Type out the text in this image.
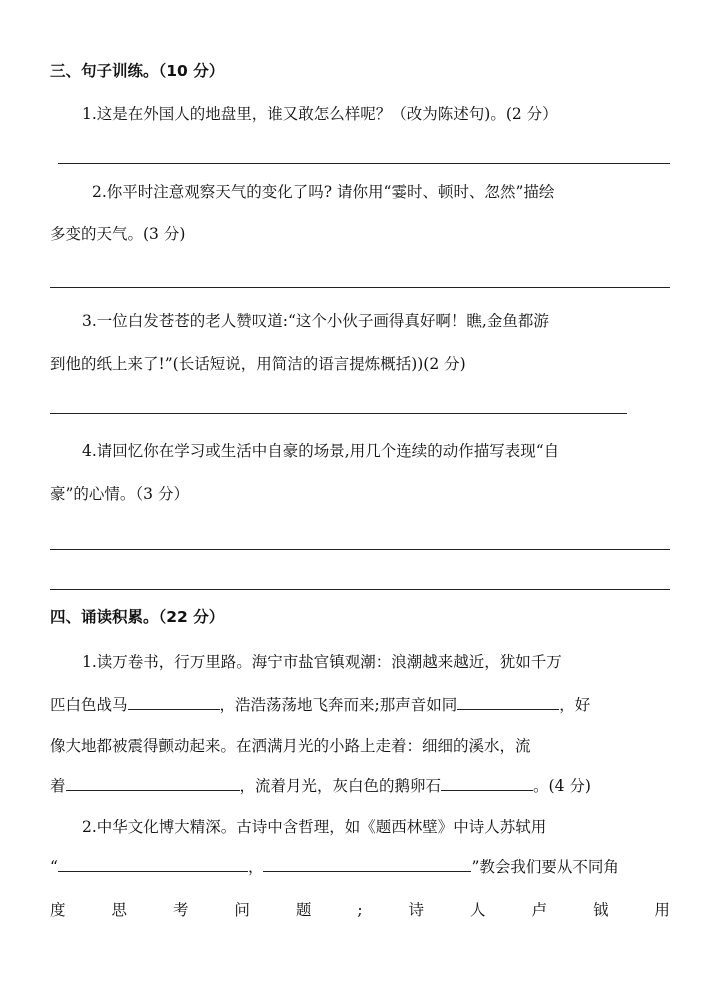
三、句子训练。（10 分）
1.这是在外国人的地盘里，谁又敢怎么样呢？（改为陈述句)。(2 分）
2.你平时注意观察天气的变化了吗? 请你用“霎时、顿时、忽然”描绘
多变的天气。(3 分)
3.一位白发苍苍的老人赞叹道:“这个小伙子画得真好啊！瞧,金鱼都游
到他的纸上来了!”(长话短说，用简洁的语言提炼概括))(2 分)
4.请回忆你在学习或生活中自豪的场景,用几个连续的动作描写表现“自
豪”的心情。（3 分）
四、诵读积累。（22 分）
1.读万卷书，行万里路。海宁市盐官镇观潮：浪潮越来越近，犹如千万
匹白色战马	，浩浩荡荡地飞奔而来;那声音如同	，好
像大地都被震得颤动起来。在洒满月光的小路上走着：细细的溪水，流
着	，流着月光，灰白色的鹅卵石	。(4 分)
2.中华文化博大精深。古诗中含哲理，如《题西林壁》中诗人苏轼用
“	，	”教会我们要从不同角
度	思	考	问	题	;	诗	人	卢	钺	用
